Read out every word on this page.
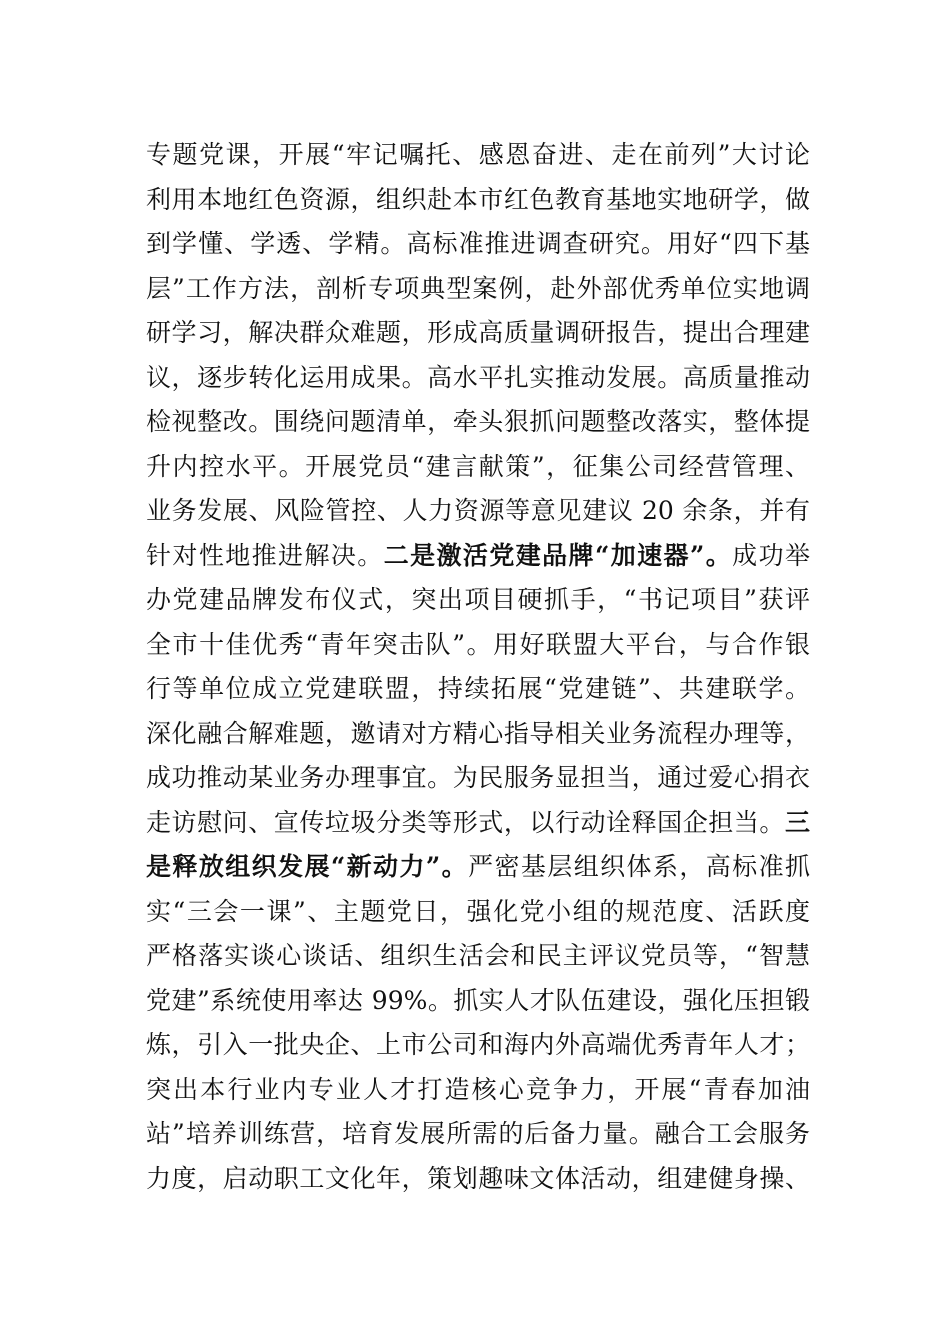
专题党课，开展“牢记嘱托、感恩奋进、走在前列”大讨论
利用本地红色资源，组织赴本市红色教育基地实地研学，做
到学懂、学透、学精。高标准推进调查研究。用好“四下基
层”工作方法，剖析专项典型案例，赴外部优秀单位实地调
研学习，解决群众难题，形成高质量调研报告，提出合理建
议，逐步转化运用成果。高水平扎实推动发展。高质量推动
检视整改。围绕问题清单，牵头狠抓问题整改落实，整体提
升内控水平。开展党员“建言献策”，征集公司经营管理、
业务发展、风险管控、人力资源等意见建议 20 余条，并有
针对性地推进解决。二是激活党建品牌“加速器”。成功举
办党建品牌发布仪式，突出项目硬抓手，“书记项目”获评
全市十佳优秀“青年突击队”。用好联盟大平台，与合作银
行等单位成立党建联盟，持续拓展“党建链”、共建联学。
深化融合解难题，邀请对方精心指导相关业务流程办理等，
成功推动某业务办理事宜。为民服务显担当，通过爱心捐衣
走访慰问、宣传垃圾分类等形式，以行动诠释国企担当。三
是释放组织发展“新动力”。严密基层组织体系，高标准抓
实“三会一课”、主题党日，强化党小组的规范度、活跃度
严格落实谈心谈话、组织生活会和民主评议党员等，“智慧
党建”系统使用率达 99%。抓实人才队伍建设，强化压担锻
炼，引入一批央企、上市公司和海内外高端优秀青年人才；
突出本行业内专业人才打造核心竞争力，开展“青春加油
站”培养训练营，培育发展所需的后备力量。融合工会服务
力度，启动职工文化年，策划趣味文体活动，组建健身操、
